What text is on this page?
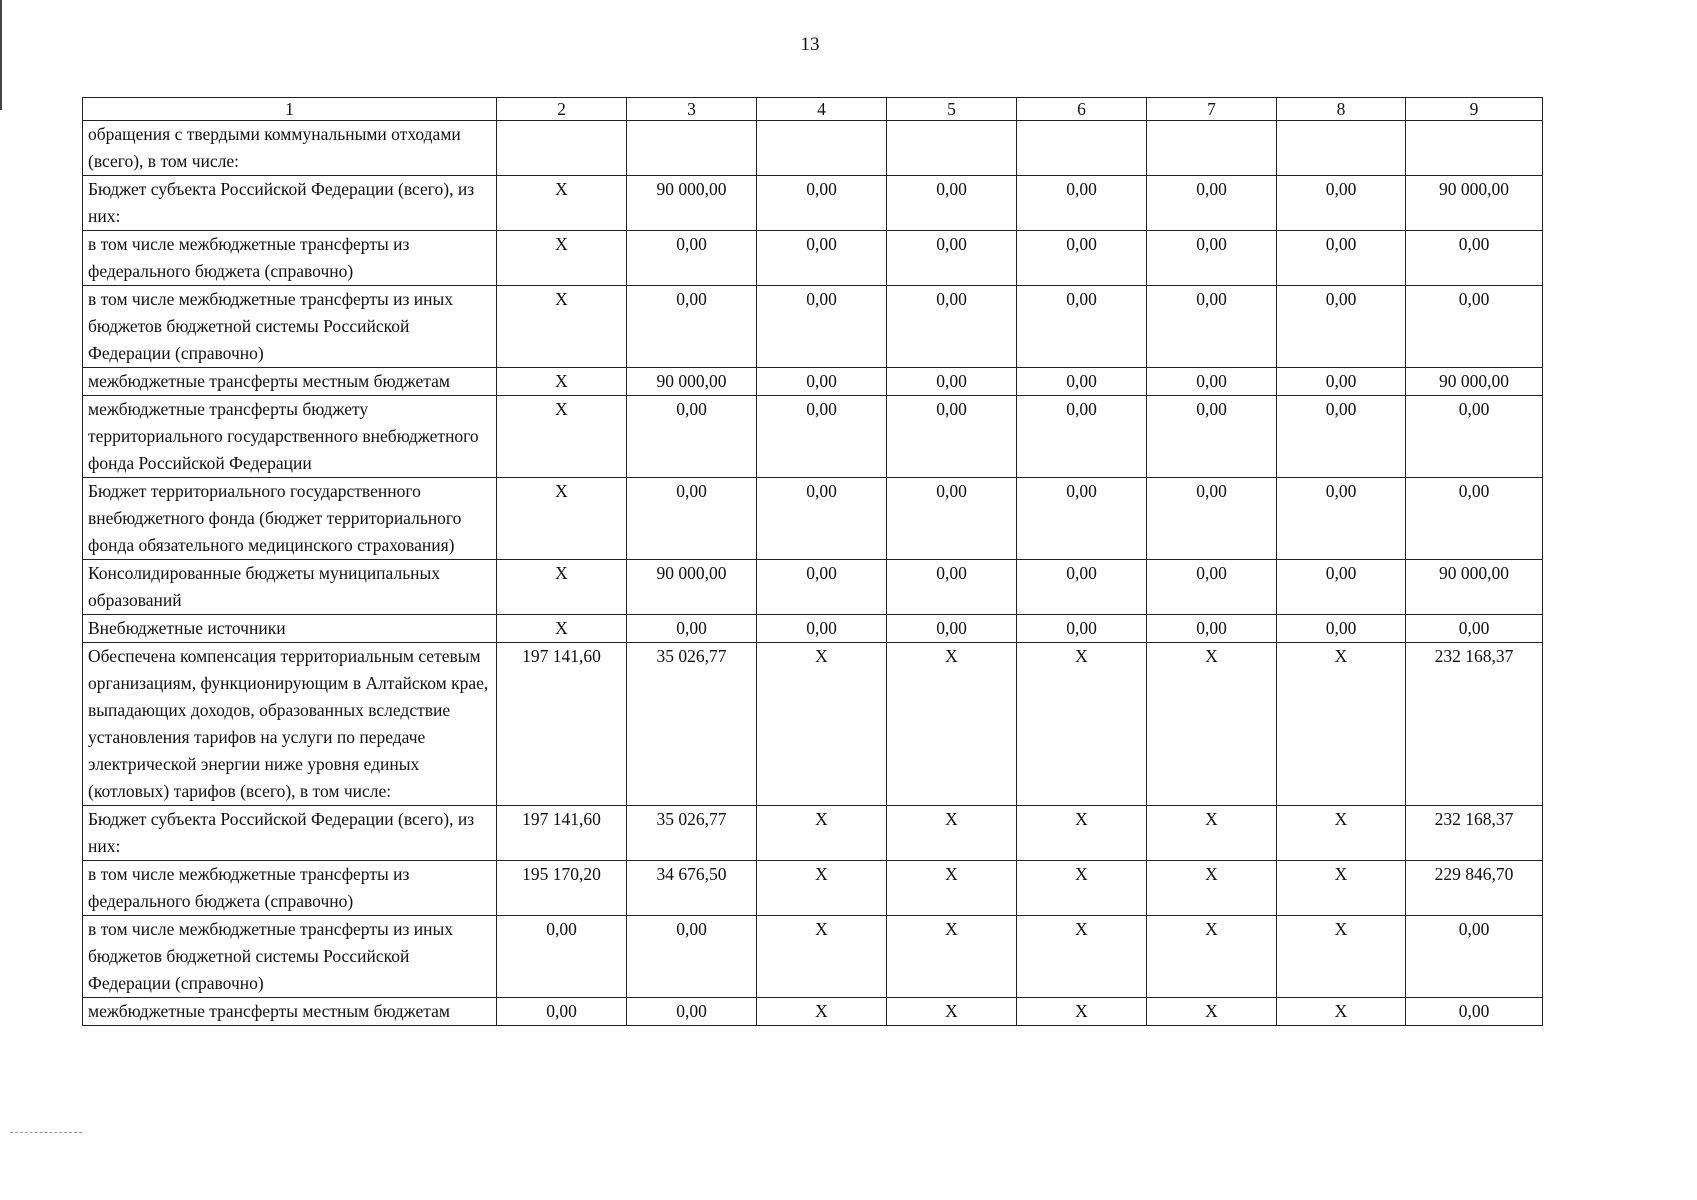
13
1	2	3	4	5	6	7	8	9
обращения с твердыми коммунальными отходами (всего), в том числе:								
Бюджет субъекта Российской Федерации (всего), из них:	X	90 000,00	0,00	0,00	0,00	0,00	0,00	90 000,00
в том числе межбюджетные трансферты из федерального бюджета (справочно)	X	0,00	0,00	0,00	0,00	0,00	0,00	0,00
в том числе межбюджетные трансферты из иных бюджетов бюджетной системы Российской Федерации (справочно)	X	0,00	0,00	0,00	0,00	0,00	0,00	0,00
межбюджетные трансферты местным бюджетам	X	90 000,00	0,00	0,00	0,00	0,00	0,00	90 000,00
межбюджетные трансферты бюджету территориального государственного внебюджетного фонда Российской Федерации	X	0,00	0,00	0,00	0,00	0,00	0,00	0,00
Бюджет территориального государственного внебюджетного фонда (бюджет территориального фонда обязательного медицинского страхования)	X	0,00	0,00	0,00	0,00	0,00	0,00	0,00
Консолидированные бюджеты муниципальных образований	X	90 000,00	0,00	0,00	0,00	0,00	0,00	90 000,00
Внебюджетные источники	X	0,00	0,00	0,00	0,00	0,00	0,00	0,00
Обеспечена компенсация территориальным сетевым организациям, функционирующим в Алтайском крае, выпадающих доходов, образованных вследствие установления тарифов на услуги по передаче электрической энергии ниже уровня единых (котловых) тарифов (всего), в том числе:	197 141,60	35 026,77	X	X	X	X	X	232 168,37
Бюджет субъекта Российской Федерации (всего), из них:	197 141,60	35 026,77	X	X	X	X	X	232 168,37
в том числе межбюджетные трансферты из федерального бюджета (справочно)	195 170,20	34 676,50	X	X	X	X	X	229 846,70
в том числе межбюджетные трансферты из иных бюджетов бюджетной системы Российской Федерации (справочно)	0,00	0,00	X	X	X	X	X	0,00
межбюджетные трансферты местным бюджетам	0,00	0,00	X	X	X	X	X	0,00
